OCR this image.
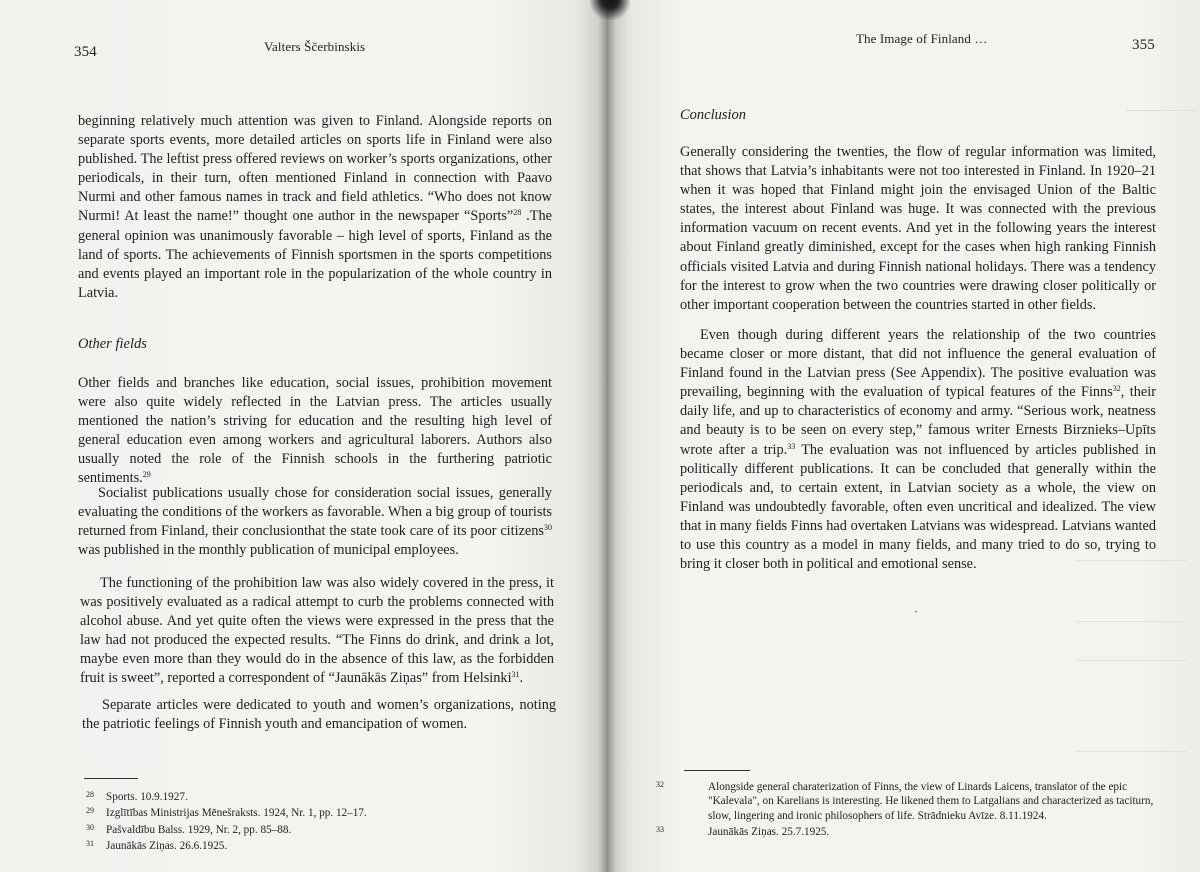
354	Valters Ščerbinskis

beginning relatively much attention was given to Finland. Alongside reports on separate sports events, more detailed articles on sports life in Finland were also published. The leftist press offered reviews on worker’s sports organizations, other periodicals, in their turn, often mentioned Finland in connection with Paavo Nurmi and other famous names in track and field athletics. “Who does not know Nurmi! At least the name!” thought one author in the newspaper “Sports”$^{28}$ .The general opinion was unanimously favorable – high level of sports, Finland as the land of sports. The achievements of Finnish sportsmen in the sports competitions and events played an important role in the popularization of the whole country in Latvia.

Other fields

Other fields and branches like education, social issues, prohibition movement were also quite widely reflected in the Latvian press. The articles usually mentioned the nation’s striving for education and the resulting high level of general education even among workers and agricultural laborers. Authors also usually noted the role of the Finnish schools in the furthering patriotic sentiments.$^{29}$

Socialist publications usually chose for consideration social issues, generally evaluating the conditions of the workers as favorable. When a big group of tourists returned from Finland, their conclusionthat the state took care of its poor citizens$^{30}$ was published in the monthly publication of municipal employees.

The functioning of the prohibition law was also widely covered in the press, it was positively evaluated as a radical attempt to curb the problems connected with alcohol abuse. And yet quite often the views were expressed in the press that the law had not produced the expected results. “The Finns do drink, and drink a lot, maybe even more than they would do in the absence of this law, as the forbidden fruit is sweet”, reported a correspondent of “Jaunākās Ziņas” from Helsinki$^{31}$.

Separate articles were dedicated to youth and women’s organizations, noting the patriotic feelings of Finnish youth and emancipation of women.

28 Sports. 10.9.1927.
29 Izglītības Ministrijas Mēnešraksts. 1924, Nr. 1, pp. 12–17.
30 Pašvaldību Balss. 1929, Nr. 2, pp. 85–88.
31 Jaunākās Ziņas. 26.6.1925.
The Image of Finland …	355
Conclusion

Generally considering the twenties, the flow of regular information was limited, that shows that Latvia’s inhabitants were not too interested in Finland. In 1920–21 when it was hoped that Finland might join the envisaged Union of the Baltic states, the interest about Finland was huge. It was connected with the previous information vacuum on recent events. And yet in the following years the interest about Finland greatly diminished, except for the cases when high ranking Finnish officials visited Latvia and during Finnish national holidays. There was a tendency for the interest to grow when the two countries were drawing closer politically or other important cooperation between the countries started in other fields.

Even though during different years the relationship of the two countries became closer or more distant, that did not influence the general evaluation of Finland found in the Latvian press (See Appendix). The positive evaluation was prevailing, beginning with the evaluation of typical features of the Finns$^{32}$, their daily life, and up to characteristics of economy and army. “Serious work, neatness and beauty is to be seen on every step,” famous writer Ernests Birznieks–Upīts wrote after a trip.$^{33}$ The evaluation was not influenced by articles published in politically different publications. It can be concluded that generally within the periodicals and, to certain extent, in Latvian society as a whole, the view on Finland was undoubtedly favorable, often even uncritical and idealized. The view that in many fields Finns had overtaken Latvians was widespread. Latvians wanted to use this country as a model in many fields, and many tried to do so, trying to bring it closer both in political and emotional sense.

˺
32	Alongside general charaterization of Finns, the view of Linards Laicens, translator of the epic "Kalevala", on Karelians is interesting. He likened them to Latgalians and characterized as taciturn, slow, lingering and ironic philosophers of life. Strādnieku Avīze. 8.11.1924.
33	Jaunākās Ziņas. 25.7.1925.
